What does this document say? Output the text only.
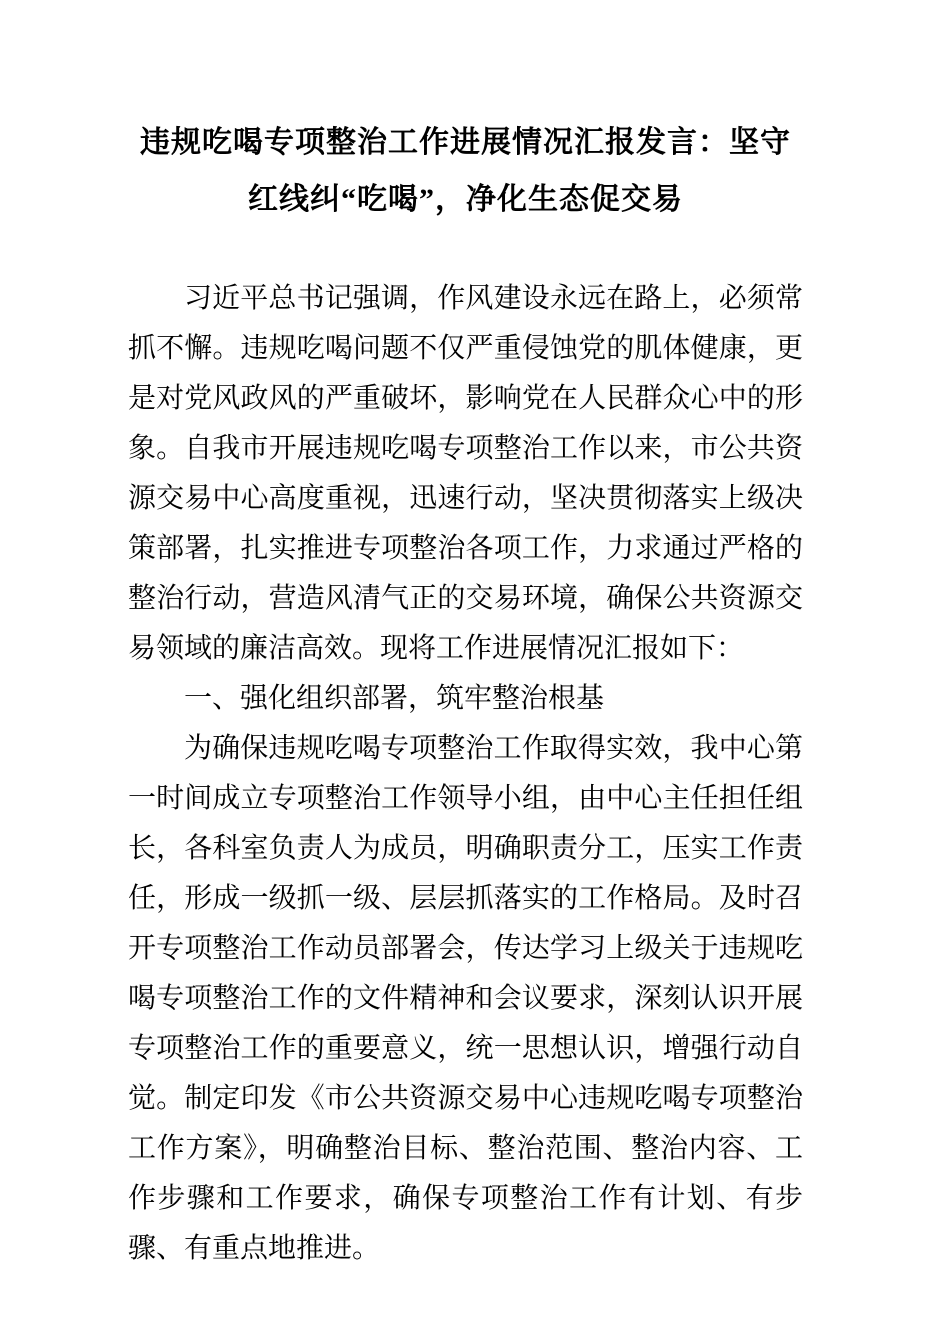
违规吃喝专项整治工作进展情况汇报发言：坚守红线纠“吃喝”，净化生态促交易

习近平总书记强调，作风建设永远在路上，必须常抓不懈。违规吃喝问题不仅严重侵蚀党的肌体健康，更是对党风政风的严重破坏，影响党在人民群众心中的形象。自我市开展违规吃喝专项整治工作以来，市公共资源交易中心高度重视，迅速行动，坚决贯彻落实上级决策部署，扎实推进专项整治各项工作，力求通过严格的整治行动，营造风清气正的交易环境，确保公共资源交易领域的廉洁高效。现将工作进展情况汇报如下：

一、强化组织部署，筑牢整治根基

为确保违规吃喝专项整治工作取得实效，我中心第一时间成立专项整治工作领导小组，由中心主任担任组长，各科室负责人为成员，明确职责分工，压实工作责任，形成一级抓一级、层层抓落实的工作格局。及时召开专项整治工作动员部署会，传达学习上级关于违规吃喝专项整治工作的文件精神和会议要求，深刻认识开展专项整治工作的重要意义，统一思想认识，增强行动自觉。制定印发《市公共资源交易中心违规吃喝专项整治工作方案》，明确整治目标、整治范围、整治内容、工作步骤和工作要求，确保专项整治工作有计划、有步骤、有重点地推进。
